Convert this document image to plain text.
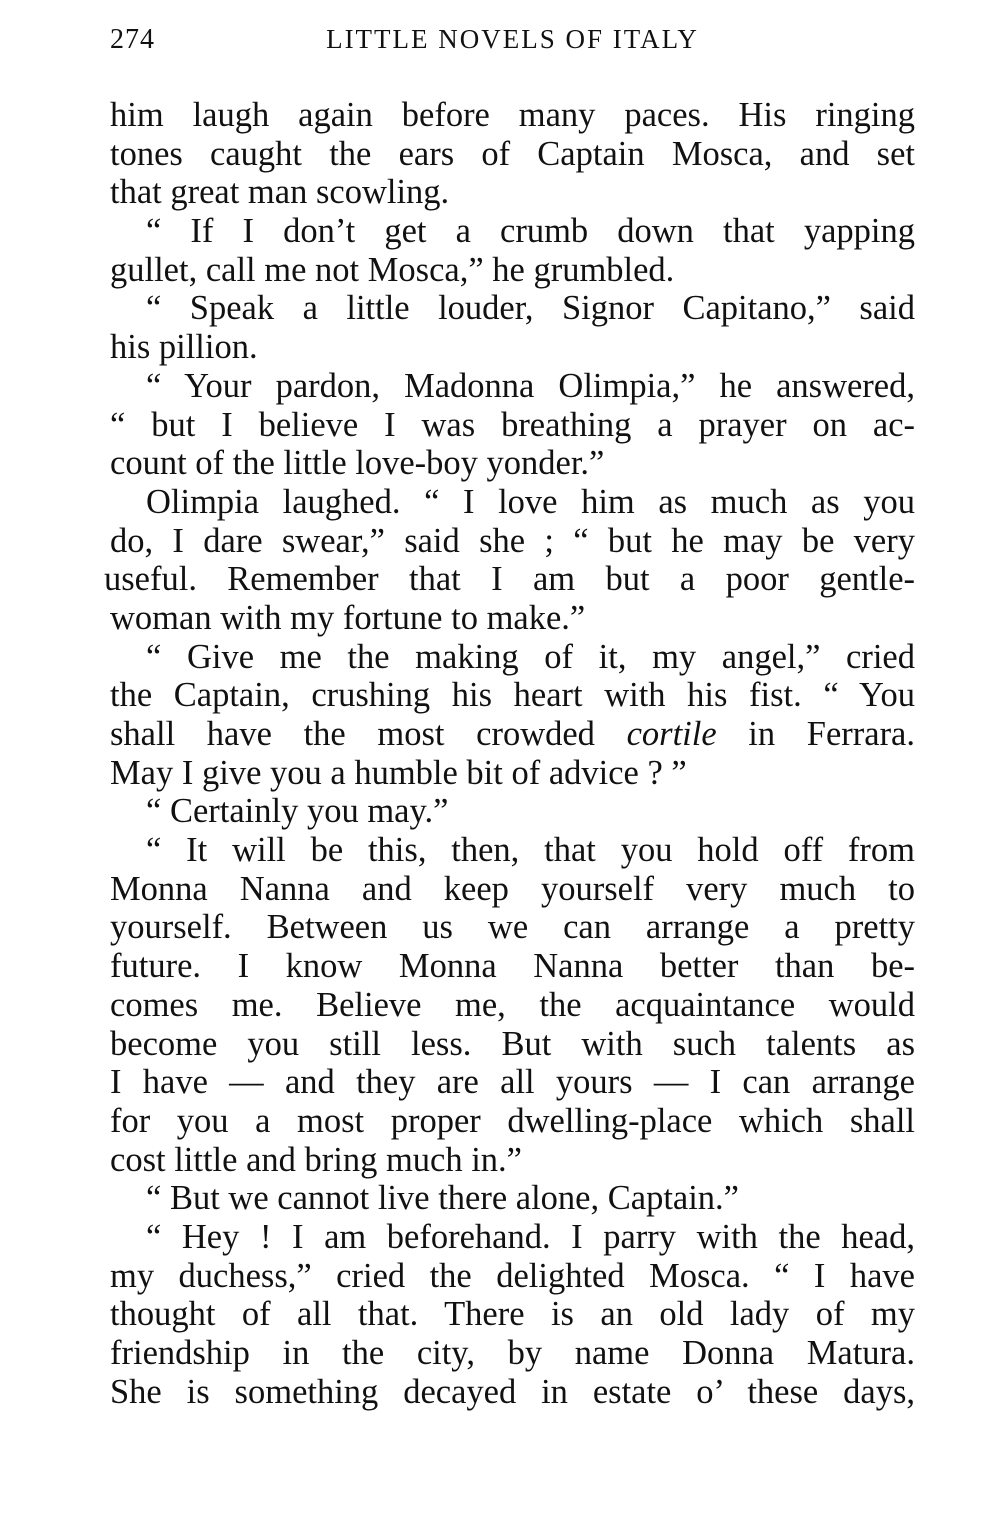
274	LITTLE NOVELS OF ITALY
him laugh again before many paces. His ringing
tones caught the ears of Captain Mosca, and set
that great man scowling.
“ If I don’t get a crumb down that yapping
gullet, call me not Mosca,” he grumbled.
“ Speak a little louder, Signor Capitano,” said
his pillion.
“ Your pardon, Madonna Olimpia,” he answered,
“ but I believe I was breathing a prayer on ac-
count of the little love-boy yonder.”
Olimpia laughed. “ I love him as much as you
do, I dare swear,” said she ; “ but he may be very
useful. Remember that I am but a poor gentle-
woman with my fortune to make.”
“ Give me the making of it, my angel,” cried
the Captain, crushing his heart with his fist. “ You
shall have the most crowded cortile in Ferrara.
May I give you a humble bit of advice ? ”
“ Certainly you may.”
“ It will be this, then, that you hold off from
Monna Nanna and keep yourself very much to
yourself. Between us we can arrange a pretty
future. I know Monna Nanna better than be-
comes me. Believe me, the acquaintance would
become you still less. But with such talents as
I have — and they are all yours — I can arrange
for you a most proper dwelling-place which shall
cost little and bring much in.”
“ But we cannot live there alone, Captain.”
“ Hey ! I am beforehand. I parry with the head,
my duchess,” cried the delighted Mosca. “ I have
thought of all that. There is an old lady of my
friendship in the city, by name Donna Matura.
She is something decayed in estate o’ these days,
